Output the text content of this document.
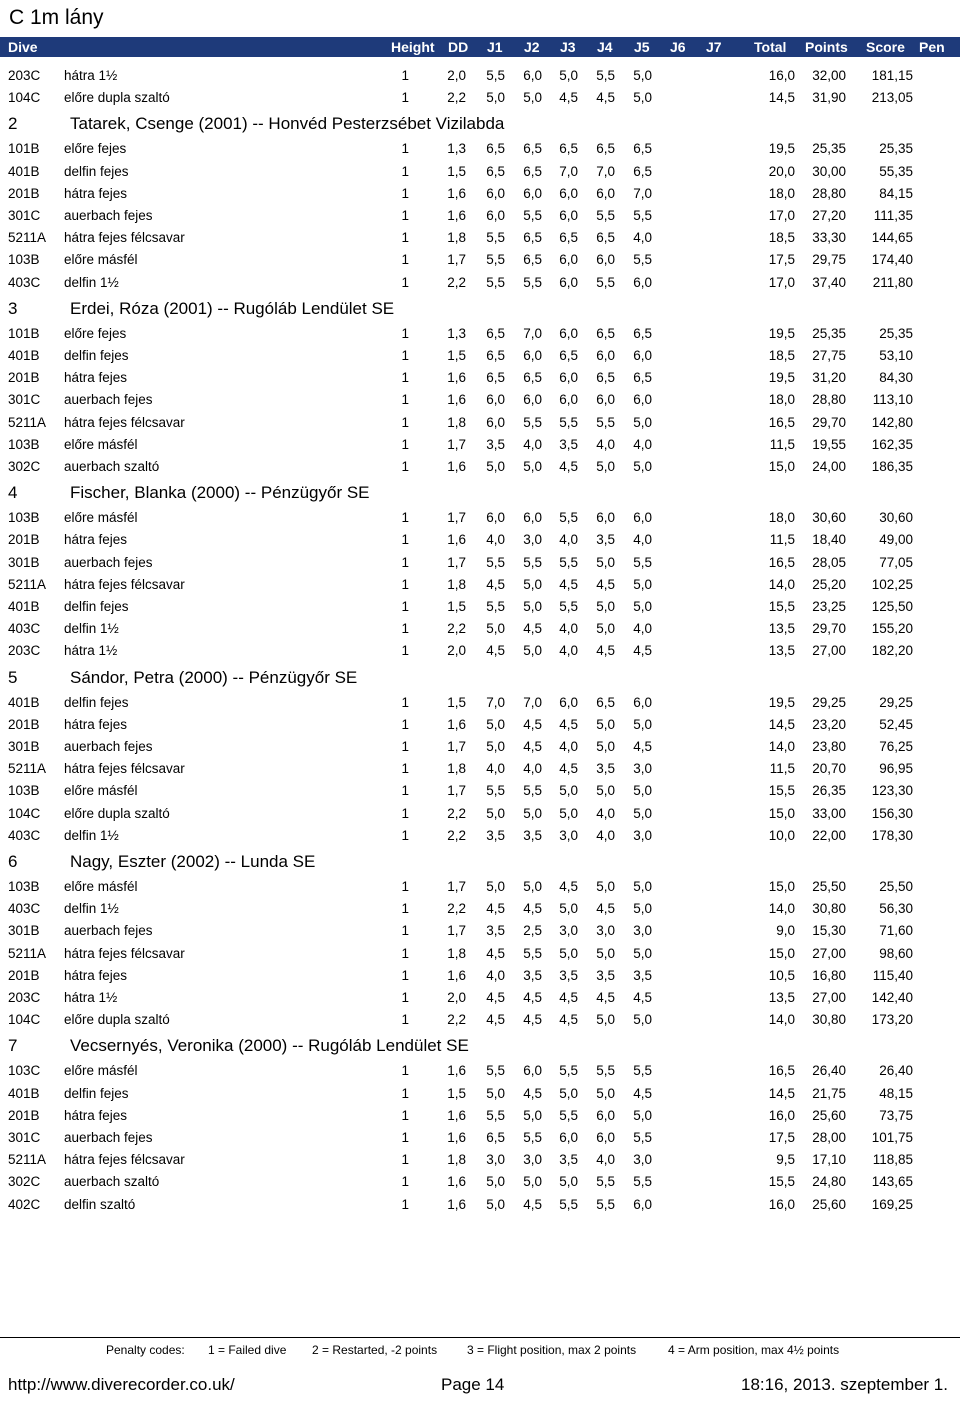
C 1m lány
Dive	Height DD J1 J2 J3 J4 J5 J6 J7 Total Points Score Pen
203C hátra 1½	1	2,0 5,5 6,0 5,0 5,5 5,0	16,0 32,00 181,15
104C előre dupla szaltó	1	2,2 5,0 5,0 4,5 4,5 5,0	14,5 31,90 213,05
2	Tatarek, Csenge (2001) -- Honvéd Pesterzsébet Vizilabda
101B előre fejes	1	1,3 6,5 6,5 6,5 6,5 6,5	19,5 25,35 25,35
401B delfin fejes	1	1,5 6,5 6,5 7,0 7,0 6,5	20,0 30,00 55,35
201B hátra fejes	1	1,6 6,0 6,0 6,0 6,0 7,0	18,0 28,80 84,15
301C auerbach fejes	1	1,6 6,0 5,5 6,0 5,5 5,5	17,0 27,20 111,35
5211A hátra fejes félcsavar	1	1,8 5,5 6,5 6,5 6,5 4,0	18,5 33,30 144,65
103B előre másfél	1	1,7 5,5 6,5 6,0 6,0 5,5	17,5 29,75 174,40
403C delfin 1½	1	2,2 5,5 5,5 6,0 5,5 6,0	17,0 37,40 211,80
3	Erdei, Róza (2001) -- Rugóláb Lendület SE
101B előre fejes	1	1,3 6,5 7,0 6,0 6,5 6,5	19,5 25,35 25,35
401B delfin fejes	1	1,5 6,5 6,0 6,5 6,0 6,0	18,5 27,75 53,10
201B hátra fejes	1	1,6 6,5 6,5 6,0 6,5 6,5	19,5 31,20 84,30
301C auerbach fejes	1	1,6 6,0 6,0 6,0 6,0 6,0	18,0 28,80 113,10
5211A hátra fejes félcsavar	1	1,8 6,0 5,5 5,5 5,5 5,0	16,5 29,70 142,80
103B előre másfél	1	1,7 3,5 4,0 3,5 4,0 4,0	11,5 19,55 162,35
302C auerbach szaltó	1	1,6 5,0 5,0 4,5 5,0 5,0	15,0 24,00 186,35
4	Fischer, Blanka (2000) -- Pénzügyőr SE
103B előre másfél	1	1,7 6,0 6,0 5,5 6,0 6,0	18,0 30,60 30,60
201B hátra fejes	1	1,6 4,0 3,0 4,0 3,5 4,0	11,5 18,40 49,00
301B auerbach fejes	1	1,7 5,5 5,5 5,5 5,0 5,5	16,5 28,05 77,05
5211A hátra fejes félcsavar	1	1,8 4,5 5,0 4,5 4,5 5,0	14,0 25,20 102,25
401B delfin fejes	1	1,5 5,5 5,0 5,5 5,0 5,0	15,5 23,25 125,50
403C delfin 1½	1	2,2 5,0 4,5 4,0 5,0 4,0	13,5 29,70 155,20
203C hátra 1½	1	2,0 4,5 5,0 4,0 4,5 4,5	13,5 27,00 182,20
5	Sándor, Petra (2000) -- Pénzügyőr SE
401B delfin fejes	1	1,5 7,0 7,0 6,0 6,5 6,0	19,5 29,25 29,25
201B hátra fejes	1	1,6 5,0 4,5 4,5 5,0 5,0	14,5 23,20 52,45
301B auerbach fejes	1	1,7 5,0 4,5 4,0 5,0 4,5	14,0 23,80 76,25
5211A hátra fejes félcsavar	1	1,8 4,0 4,0 4,5 3,5 3,0	11,5 20,70 96,95
103B előre másfél	1	1,7 5,5 5,5 5,0 5,0 5,0	15,5 26,35 123,30
104C előre dupla szaltó	1	2,2 5,0 5,0 5,0 4,0 5,0	15,0 33,00 156,30
403C delfin 1½	1	2,2 3,5 3,5 3,0 4,0 3,0	10,0 22,00 178,30
6	Nagy, Eszter (2002) -- Lunda SE
103B előre másfél	1	1,7 5,0 5,0 4,5 5,0 5,0	15,0 25,50 25,50
403C delfin 1½	1	2,2 4,5 4,5 5,0 4,5 5,0	14,0 30,80 56,30
301B auerbach fejes	1	1,7 3,5 2,5 3,0 3,0 3,0	9,0 15,30 71,60
5211A hátra fejes félcsavar	1	1,8 4,5 5,5 5,0 5,0 5,0	15,0 27,00 98,60
201B hátra fejes	1	1,6 4,0 3,5 3,5 3,5 3,5	10,5 16,80 115,40
203C hátra 1½	1	2,0 4,5 4,5 4,5 4,5 4,5	13,5 27,00 142,40
104C előre dupla szaltó	1	2,2 4,5 4,5 4,5 5,0 5,0	14,0 30,80 173,20
7	Vecsernyés, Veronika (2000) -- Rugóláb Lendület SE
103C előre másfél	1	1,6 5,5 6,0 5,5 5,5 5,5	16,5 26,40 26,40
401B delfin fejes	1	1,5 5,0 4,5 5,0 5,0 4,5	14,5 21,75 48,15
201B hátra fejes	1	1,6 5,5 5,0 5,5 6,0 5,0	16,0 25,60 73,75
301C auerbach fejes	1	1,6 6,5 5,5 6,0 6,0 5,5	17,5 28,00 101,75
5211A hátra fejes félcsavar	1	1,8 3,0 3,0 3,5 4,0 3,0	9,5 17,10 118,85
302C auerbach szaltó	1	1,6 5,0 5,0 5,0 5,5 5,5	15,5 24,80 143,65
402C delfin szaltó	1	1,6 5,0 4,5 5,5 5,5 6,0	16,0 25,60 169,25
Penalty codes: 1 = Failed dive 2 = Restarted, -2 points 3 = Flight position, max 2 points	4 = Arm position, max 4½ points
http://www.diverecorder.co.uk/	Page 14	18:16, 2013. szeptember 1.
